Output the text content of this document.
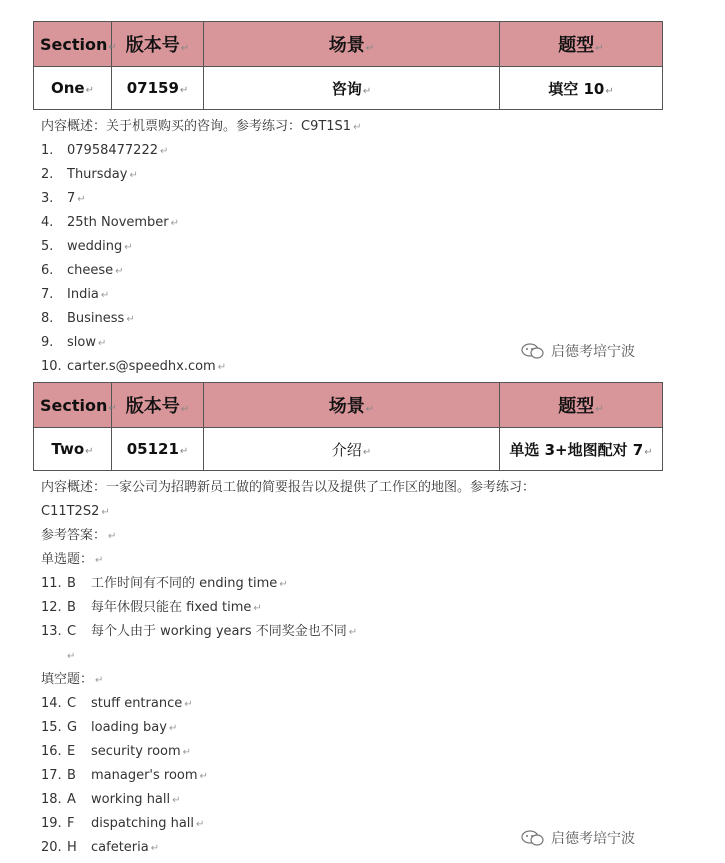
Section↵	版本号↵	场景↵	题型↵
One↵	07159↵	咨询↵	填空 10↵
内容概述：关于机票购买的咨询。参考练习：C9T1S1 ↵
1. 07958477222 ↵
2. Thursday ↵
3. 7 ↵
4. 25th November ↵
5. wedding ↵
6. cheese ↵
7. India ↵
8. Business ↵
9. slow ↵
10. carter.s@speedhx.com ↵
启德考培宁波
Section↵	版本号↵	场景↵	题型↵
Two↵	05121↵	介绍↵	单选 3+地图配对 7↵
内容概述：一家公司为招聘新员工做的简要报告以及提供了工作区的地图。参考练习：
C11T2S2 ↵
参考答案： ↵
单选题： ↵
11. B 工作时间有不同的 ending time ↵
12. B 每年休假只能在 fixed time ↵
13. C 每个人由于 working years 不同奖金也不同 ↵
↵
填空题： ↵
14. C stuff entrance ↵
15. G loading bay ↵
16. E security room ↵
17. B manager's room ↵
18. A working hall ↵
19. F dispatching hall ↵
20. H cafeteria ↵
启德考培宁波
